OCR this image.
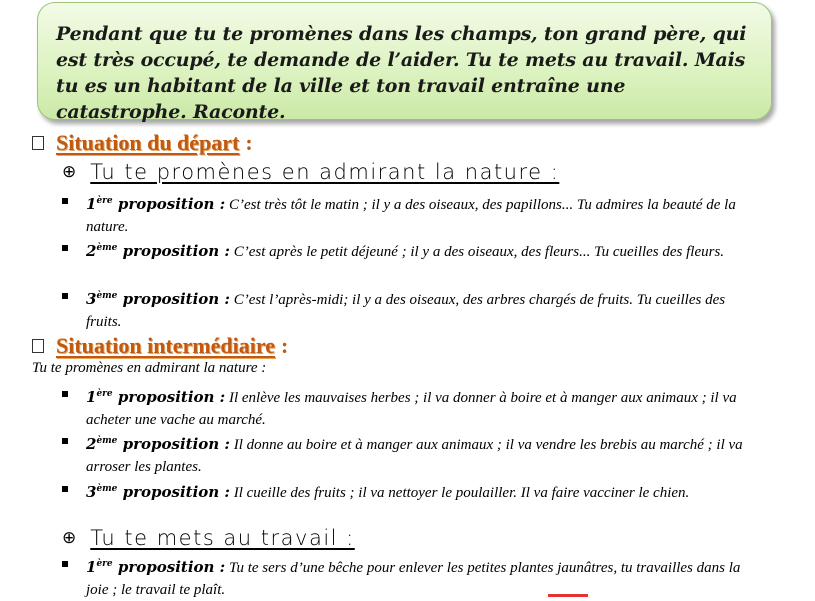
Pendant que tu te promènes dans les champs, ton grand père, qui est très occupé, te demande de l’aider. Tu te mets au travail. Mais tu es un habitant de la ville et ton travail entraîne une catastrophe. Raconte.

Situation du départ :
⊕ Tu te promènes en admirant la nature :
1ère proposition : C’est très tôt le matin ; il y a des oiseaux, des papillons... Tu admires la beauté de la nature.
2ème proposition : C’est après le petit déjeuné ; il y a des oiseaux, des fleurs... Tu cueilles des fleurs.
3ème proposition : C’est l’après-midi; il y a des oiseaux, des arbres chargés de fruits. Tu cueilles des fruits.
Situation intermédiaire :
Tu te promènes en admirant la nature :
1ère proposition : Il enlève les mauvaises herbes ; il va donner à boire et à manger aux animaux ; il va acheter une vache au marché.
2ème proposition : Il donne au boire et à manger aux animaux ; il va vendre les brebis au marché ; il va arroser les plantes.
3ème proposition : Il cueille des fruits ; il va nettoyer le poulailler. Il va faire vacciner le chien.
⊕ Tu te mets au travail :
1ère proposition : Tu te sers d’une bêche pour enlever les petites plantes jaunâtres, tu travailles dans la joie ; le travail te plaît.
